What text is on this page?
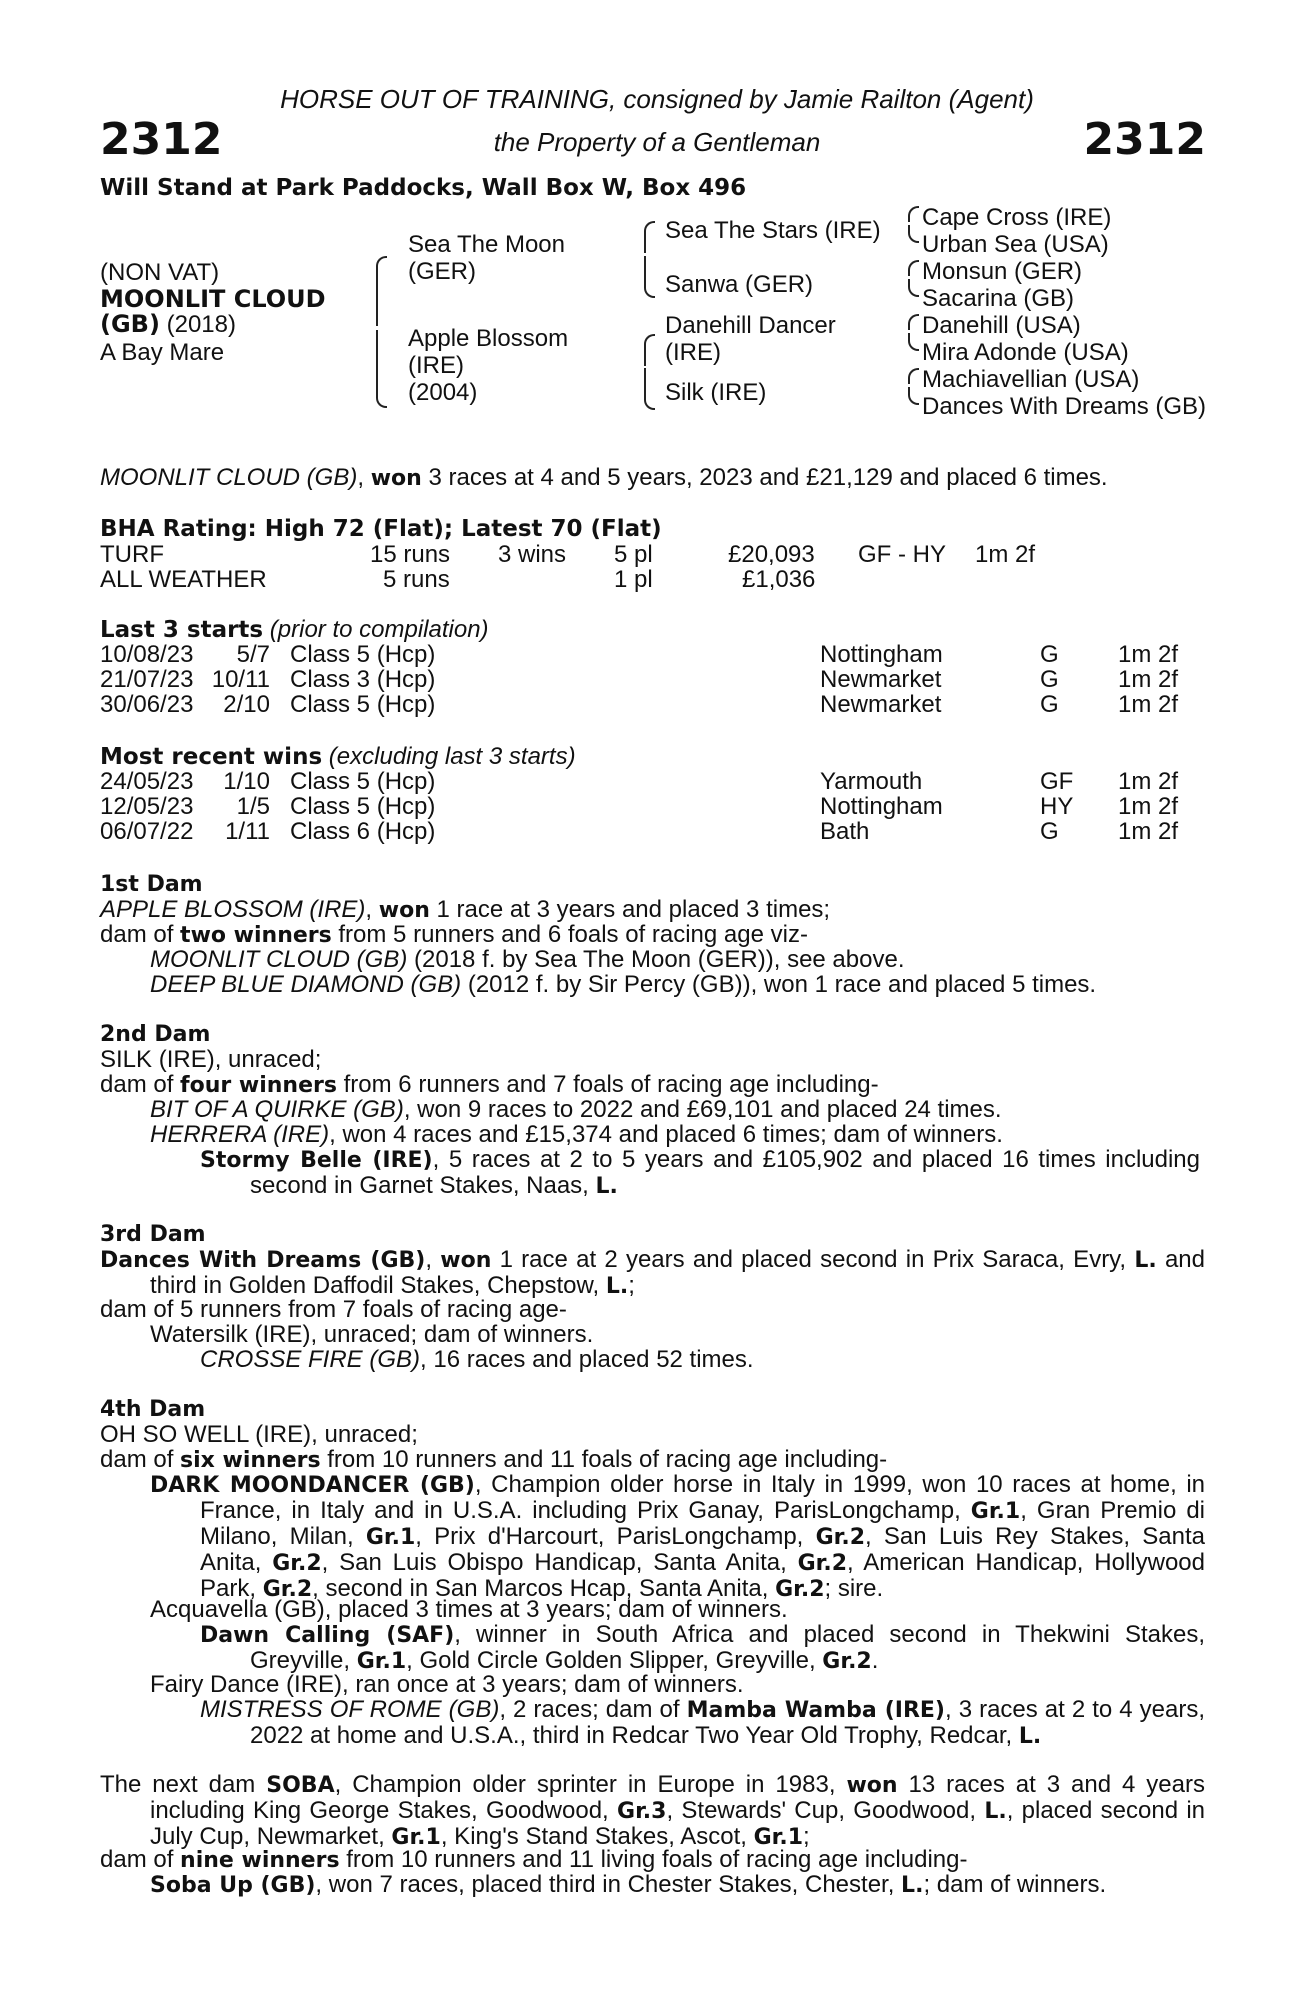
HORSE OUT OF TRAINING, consigned by Jamie Railton (Agent)
the Property of a Gentleman
2312	2312
Will Stand at Park Paddocks, Wall Box W, Box 496
(NON VAT)
MOONLIT CLOUD
(GB) (2018)
A Bay Mare
Sea The Moon
(GER)
Apple Blossom
(IRE)
(2004)
Sea The Stars (IRE)
Sanwa (GER)
Danehill Dancer
(IRE)
Silk (IRE)
Cape Cross (IRE)
Urban Sea (USA)
Monsun (GER)
Sacarina (GB)
Danehill (USA)
Mira Adonde (USA)
Machiavellian (USA)
Dances With Dreams (GB)
MOONLIT CLOUD (GB), won 3 races at 4 and 5 years, 2023 and £21,129 and placed 6 times.
BHA Rating: High 72 (Flat); Latest 70 (Flat)
TURF	15 runs 3 wins 5 pl	£20,093 GF - HY 1m 2f
ALL WEATHER	5 runs	1 pl	£1,036
Last 3 starts (prior to compilation)
10/08/23	5/7 Class 5 (Hcp)	Nottingham	G 1m 2f
21/07/23 10/11 Class 3 (Hcp)	Newmarket	G 1m 2f
30/06/23	2/10 Class 5 (Hcp)	Newmarket	G 1m 2f
Most recent wins (excluding last 3 starts)
24/05/23	1/10 Class 5 (Hcp)	Yarmouth	GF 1m 2f
12/05/23	1/5 Class 5 (Hcp)	Nottingham	HY 1m 2f
06/07/22	1/11 Class 6 (Hcp)	Bath	G 1m 2f
1st Dam
APPLE BLOSSOM (IRE), won 1 race at 3 years and placed 3 times;
dam of two winners from 5 runners and 6 foals of racing age viz-
MOONLIT CLOUD (GB) (2018 f. by Sea The Moon (GER)), see above.
DEEP BLUE DIAMOND (GB) (2012 f. by Sir Percy (GB)), won 1 race and placed 5 times.
2nd Dam
SILK (IRE), unraced;
dam of four winners from 6 runners and 7 foals of racing age including-
BIT OF A QUIRKE (GB), won 9 races to 2022 and £69,101 and placed 24 times.
HERRERA (IRE), won 4 races and £15,374 and placed 6 times; dam of winners.
Stormy Belle (IRE), 5 races at 2 to 5 years and £105,902 and placed 16 times including second in Garnet Stakes, Naas, L.
3rd Dam
Dances With Dreams (GB), won 1 race at 2 years and placed second in Prix Saraca, Evry, L. and third in Golden Daffodil Stakes, Chepstow, L.;
dam of 5 runners from 7 foals of racing age-
Watersilk (IRE), unraced; dam of winners.
CROSSE FIRE (GB), 16 races and placed 52 times.
4th Dam
OH SO WELL (IRE), unraced;
dam of six winners from 10 runners and 11 foals of racing age including-
DARK MOONDANCER (GB), Champion older horse in Italy in 1999, won 10 races at home, in France, in Italy and in U.S.A. including Prix Ganay, ParisLongchamp, Gr.1, Gran Premio di Milano, Milan, Gr.1, Prix d'Harcourt, ParisLongchamp, Gr.2, San Luis Rey Stakes, Santa Anita, Gr.2, San Luis Obispo Handicap, Santa Anita, Gr.2, American Handicap, Hollywood Park, Gr.2, second in San Marcos Hcap, Santa Anita, Gr.2; sire.
Acquavella (GB), placed 3 times at 3 years; dam of winners.
Dawn Calling (SAF), winner in South Africa and placed second in Thekwini Stakes, Greyville, Gr.1, Gold Circle Golden Slipper, Greyville, Gr.2.
Fairy Dance (IRE), ran once at 3 years; dam of winners.
MISTRESS OF ROME (GB), 2 races; dam of Mamba Wamba (IRE), 3 races at 2 to 4 years, 2022 at home and U.S.A., third in Redcar Two Year Old Trophy, Redcar, L.
The next dam SOBA, Champion older sprinter in Europe in 1983, won 13 races at 3 and 4 years including King George Stakes, Goodwood, Gr.3, Stewards' Cup, Goodwood, L., placed second in July Cup, Newmarket, Gr.1, King's Stand Stakes, Ascot, Gr.1;
dam of nine winners from 10 runners and 11 living foals of racing age including-
Soba Up (GB), won 7 races, placed third in Chester Stakes, Chester, L.; dam of winners.
